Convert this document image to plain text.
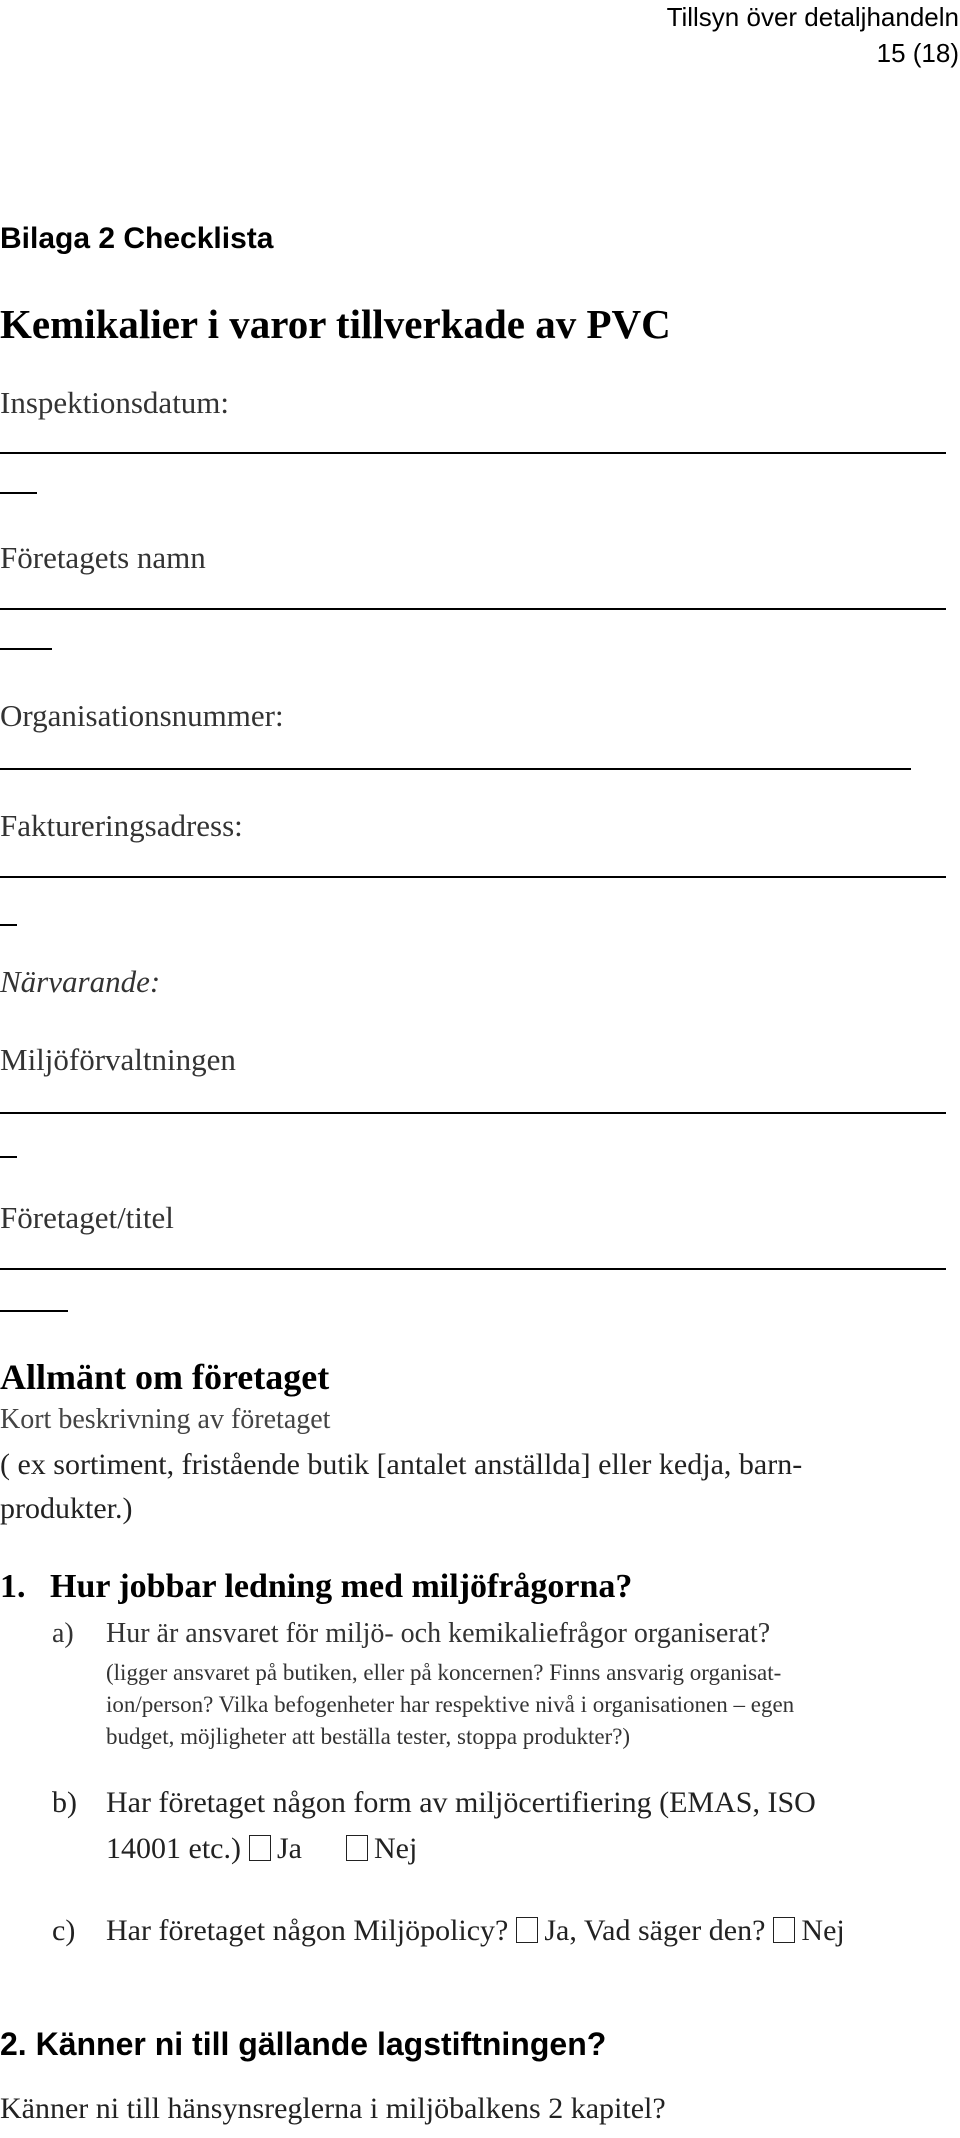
Tillsyn över detaljhandeln
15 (18)
Bilaga 2 Checklista
Kemikalier i varor tillverkade av PVC
Inspektionsdatum:
Företagets namn
Organisationsnummer:
Faktureringsadress:
Närvarande:
Miljöförvaltningen
Företaget/titel
Allmänt om företaget
Kort beskrivning av företaget
( ex sortiment, fristående butik [antalet anställda] eller kedja, barn-
produkter.)
1. Hur jobbar ledning med miljöfrågorna?
a) Hur är ansvaret för miljö- och kemikaliefrågor organiserat?
(ligger ansvaret på butiken, eller på koncernen? Finns ansvarig organisat-
ion/person? Vilka befogenheter har respektive nivå i organisationen – egen
budget, möjligheter att beställa tester, stoppa produkter?)
b) Har företaget någon form av miljöcertifiering (EMAS, ISO
14001 etc.) Ja Nej
c) Har företaget någon Miljöpolicy? Ja, Vad säger den? Nej
2. Känner ni till gällande lagstiftningen?
Känner ni till hänsynsreglerna i miljöbalkens 2 kapitel?
